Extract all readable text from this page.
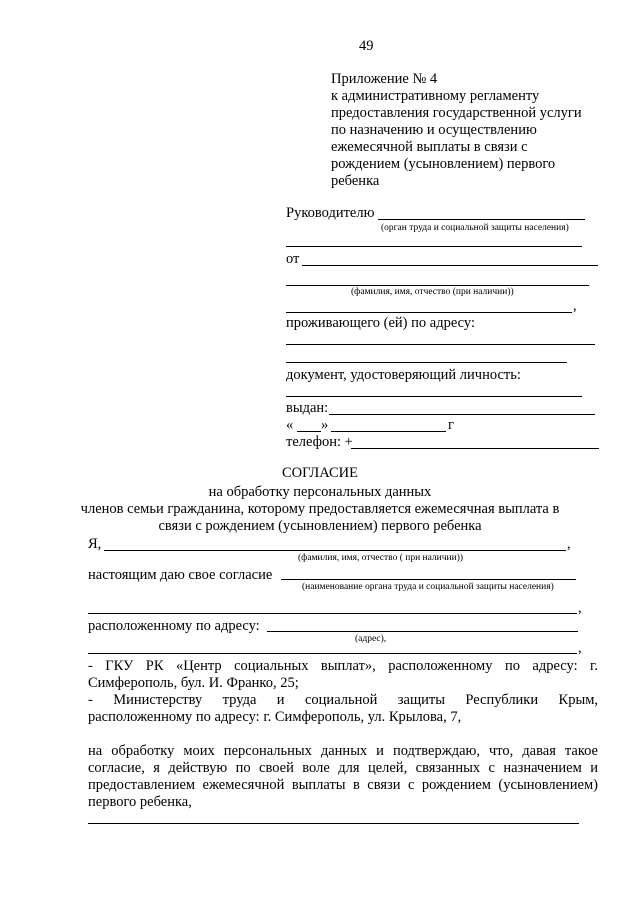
49
Приложение № 4
к административному регламенту
предоставления государственной услуги
по назначению и осуществлению
ежемесячной выплаты в связи с
рождением (усыновлением) первого
ребенка
Руководителю
(орган труда и социальной защиты населения)
от
(фамилия, имя, отчество (при наличии))
,
проживающего (ей) по адресу:
документ, удостоверяющий личность:
выдан:
« »	г
телефон: +
СОГЛАСИЕ
на обработку персональных данных
членов семьи гражданина, которому предоставляется ежемесячная выплата в
связи с рождением (усыновлением) первого ребенка
Я,	,
(фамилия, имя, отчество ( при наличии))
настоящим даю свое согласие
(наименование органа труда и социальной защиты населения)
,
расположенному по адресу:
(адрес),
,
- ГКУ РК «Центр социальных выплат», расположенному по адресу: г.
Симферополь, бул. И. Франко, 25;
- Министерству труда и социальной защиты Республики Крым,
расположенному по адресу: г. Симферополь, ул. Крылова, 7,
на обработку моих персональных данных и подтверждаю, что, давая такое
согласие, я действую по своей воле для целей, связанных с назначением и
предоставлением ежемесячной выплаты в связи с рождением (усыновлением)
первого ребенка,
